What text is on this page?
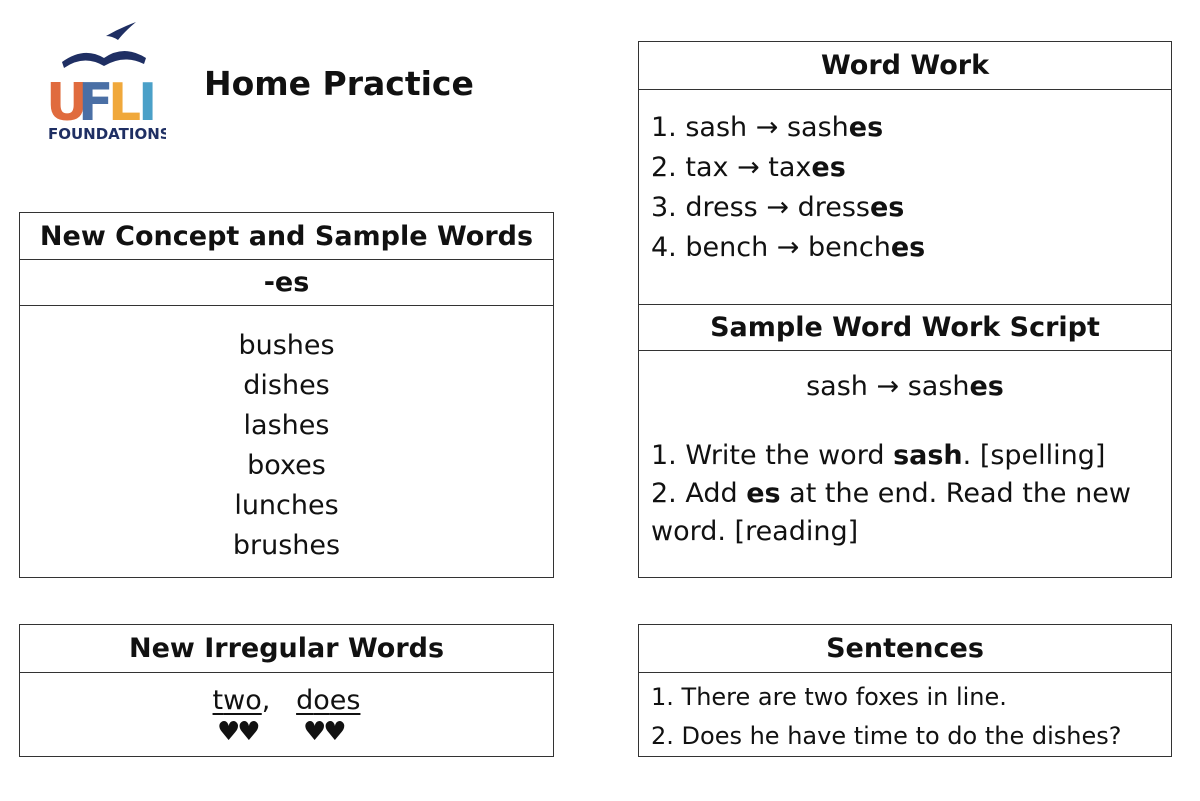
U
F
L
I
FOUNDATIONS
Home Practice
New Concept and Sample Words
-es
bushes
dishes
lashes
boxes
lunches
brushes
New Irregular Words
two, does
♥♥ ♥♥
Word Work
1. sash → sashes
2. tax → taxes
3. dress → dresses
4. bench → benches
Sample Word Work Script
sash → sashes
1. Write the word sash. [spelling]
2. Add es at the end. Read the new word. [reading]
Sentences
1. There are two foxes in line.
2. Does he have time to do the dishes?
